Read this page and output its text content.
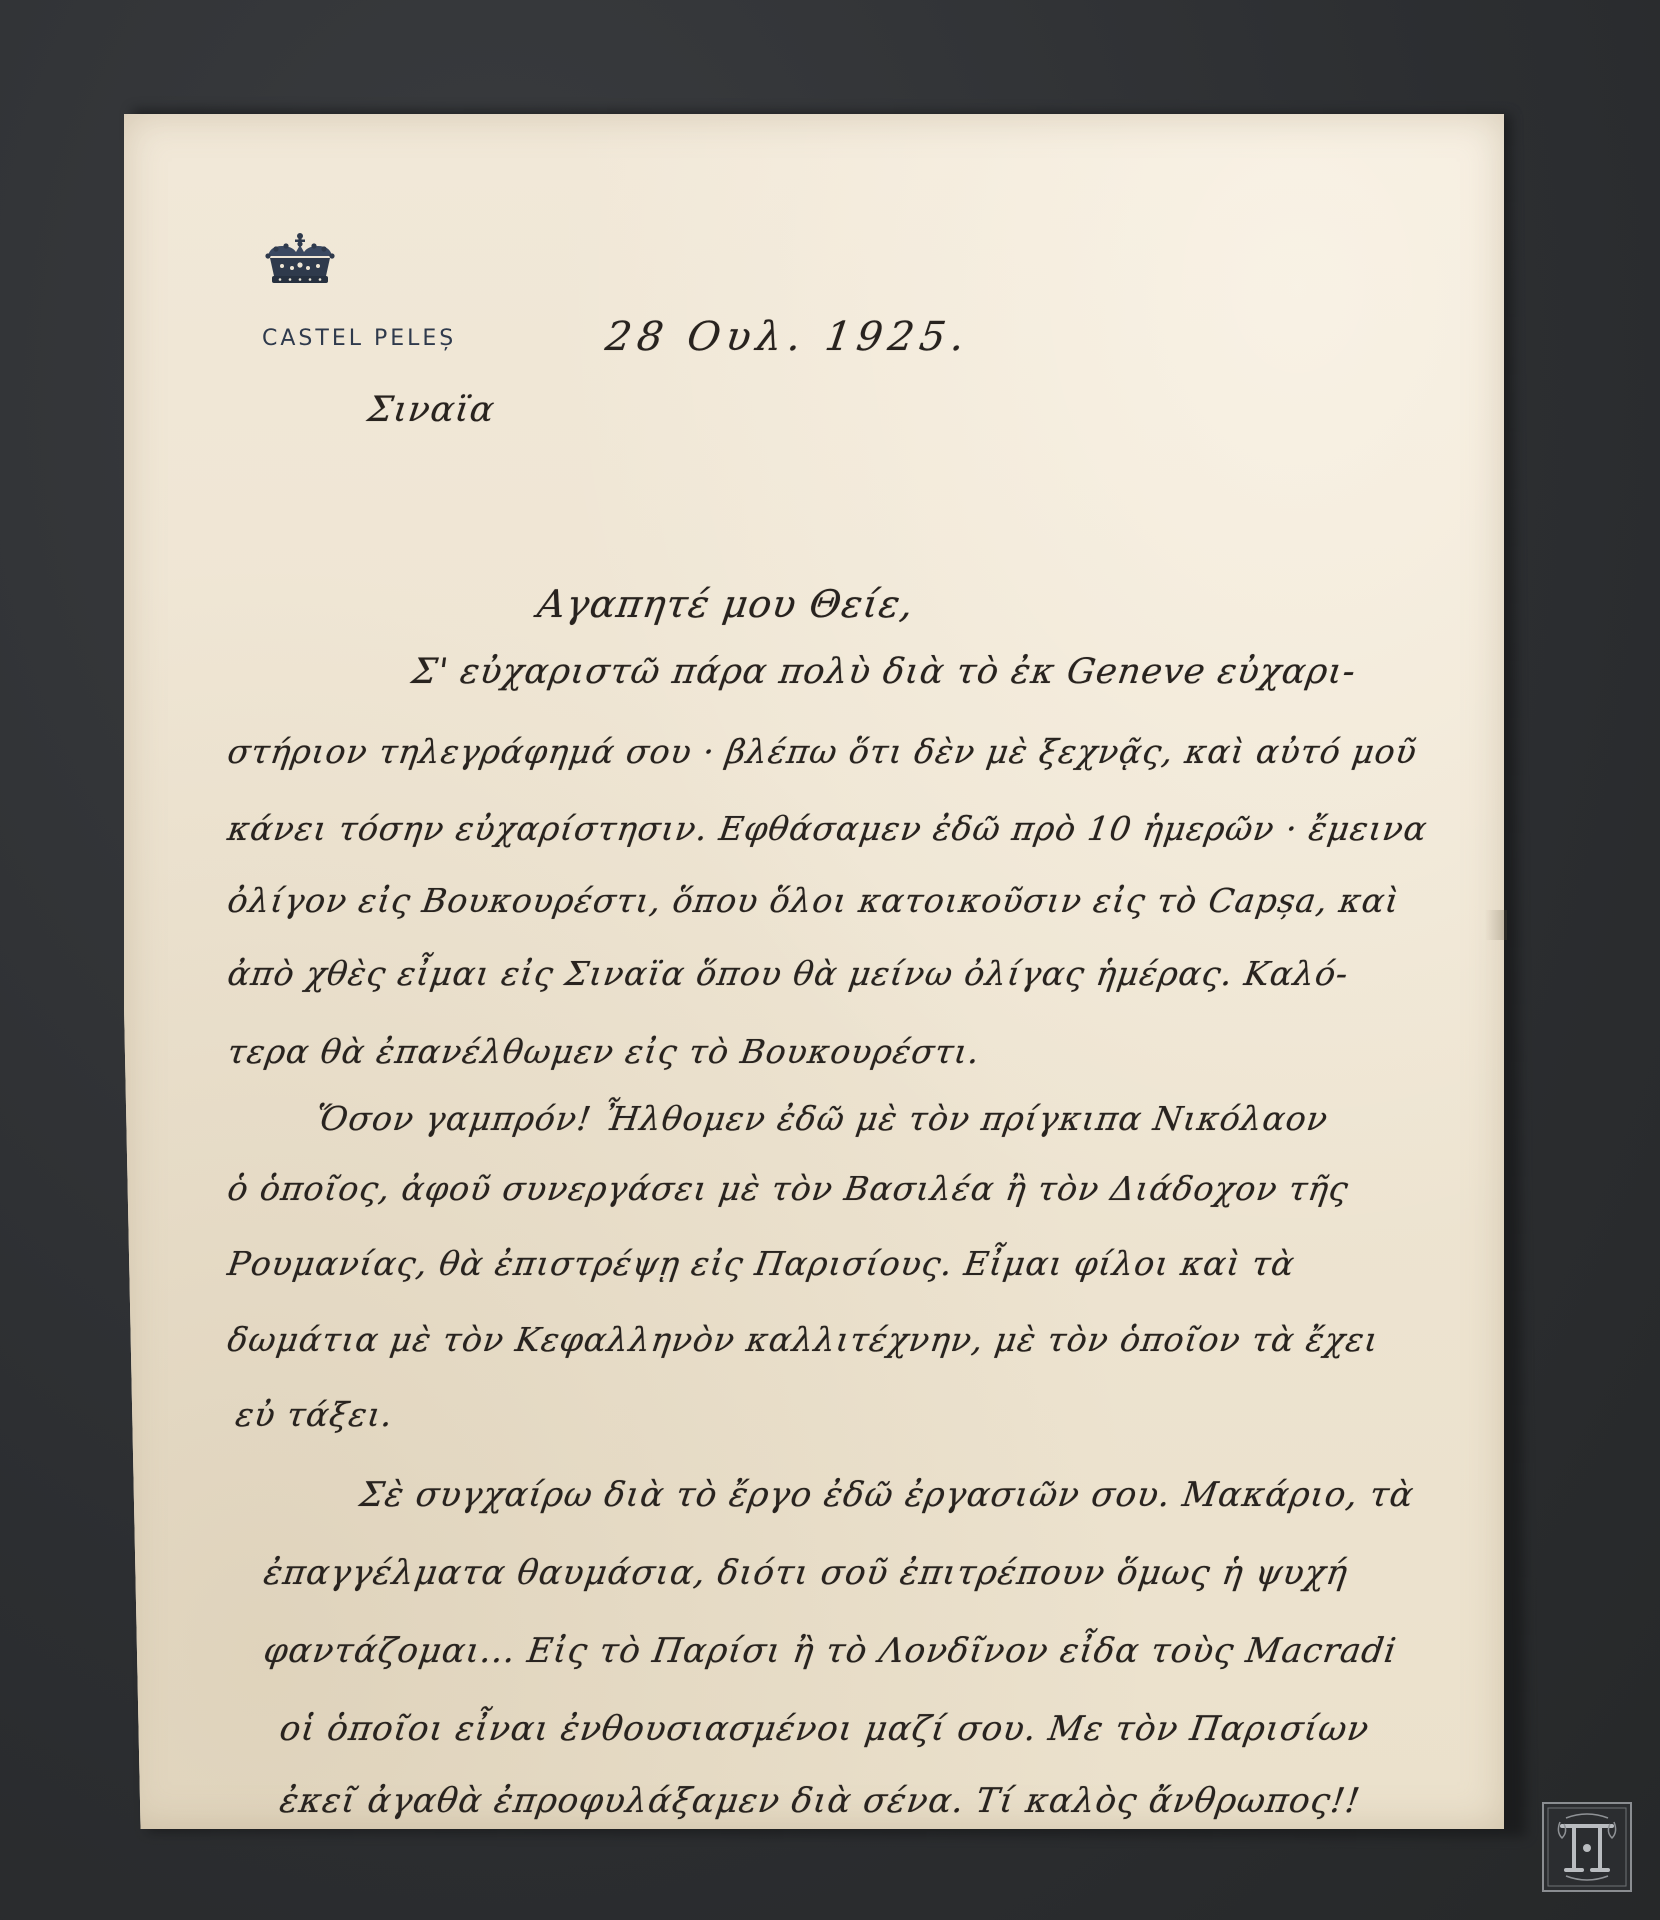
CASTEL PELEȘ	28 Ουλ. 1925.
Σιναϊα
Αγαπητέ μου Θείε,
Σ' εὐχαριστῶ πάρα πολὺ διὰ τὸ ἐκ Geneve εὐχαρι-
στήριον τηλεγράφημά σου · βλέπω ὅτι δὲν μὲ ξεχνᾷς, καὶ αὐτό μοῦ
κάνει τόσην εὐχαρίστησιν. Εφθάσαμεν ἐδῶ πρὸ 10 ἡμερῶν · ἔμεινα
ὀλίγον εἰς Βουκουρέστι, ὅπου ὅλοι κατοικοῦσιν εἰς τὸ Capșa, καὶ
ἀπὸ χθὲς εἶμαι εἰς Σιναϊα ὅπου θὰ μείνω ὀλίγας ἡμέρας. Καλό-
τερα θὰ ἐπανέλθωμεν εἰς τὸ Βουκουρέστι.
Ὅσον γαμπρόν! Ἦλθομεν ἐδῶ μὲ τὸν πρίγκιπα Νικόλαον
ὁ ὁποῖος, ἀφοῦ συνεργάσει μὲ τὸν Βασιλέα ἢ τὸν Διάδοχον τῆς
Ρουμανίας, θὰ ἐπιστρέψῃ εἰς Παρισίους. Εἶμαι φίλοι καὶ τὰ
δωμάτια μὲ τὸν Κεφαλληνὸν καλλιτέχνην, μὲ τὸν ὁποῖον τὰ ἔχει
εὐ τάξει.
Σὲ συγχαίρω διὰ τὸ ἔργο ἐδῶ ἐργασιῶν σου. Μακάριο, τὰ
ἐπαγγέλματα θαυμάσια, διότι σοῦ ἐπιτρέπουν ὅμως ἡ ψυχή
φαντάζομαι... Εἰς τὸ Παρίσι ἢ τὸ Λονδῖνον εἶδα τοὺς Macradi
οἱ ὁποῖοι εἶναι ἐνθουσιασμένοι μαζί σου. Με τὸν Παρισίων
ἐκεῖ ἀγαθὰ ἐπροφυλάξαμεν διὰ σένα. Τί καλὸς ἄνθρωπος!!
